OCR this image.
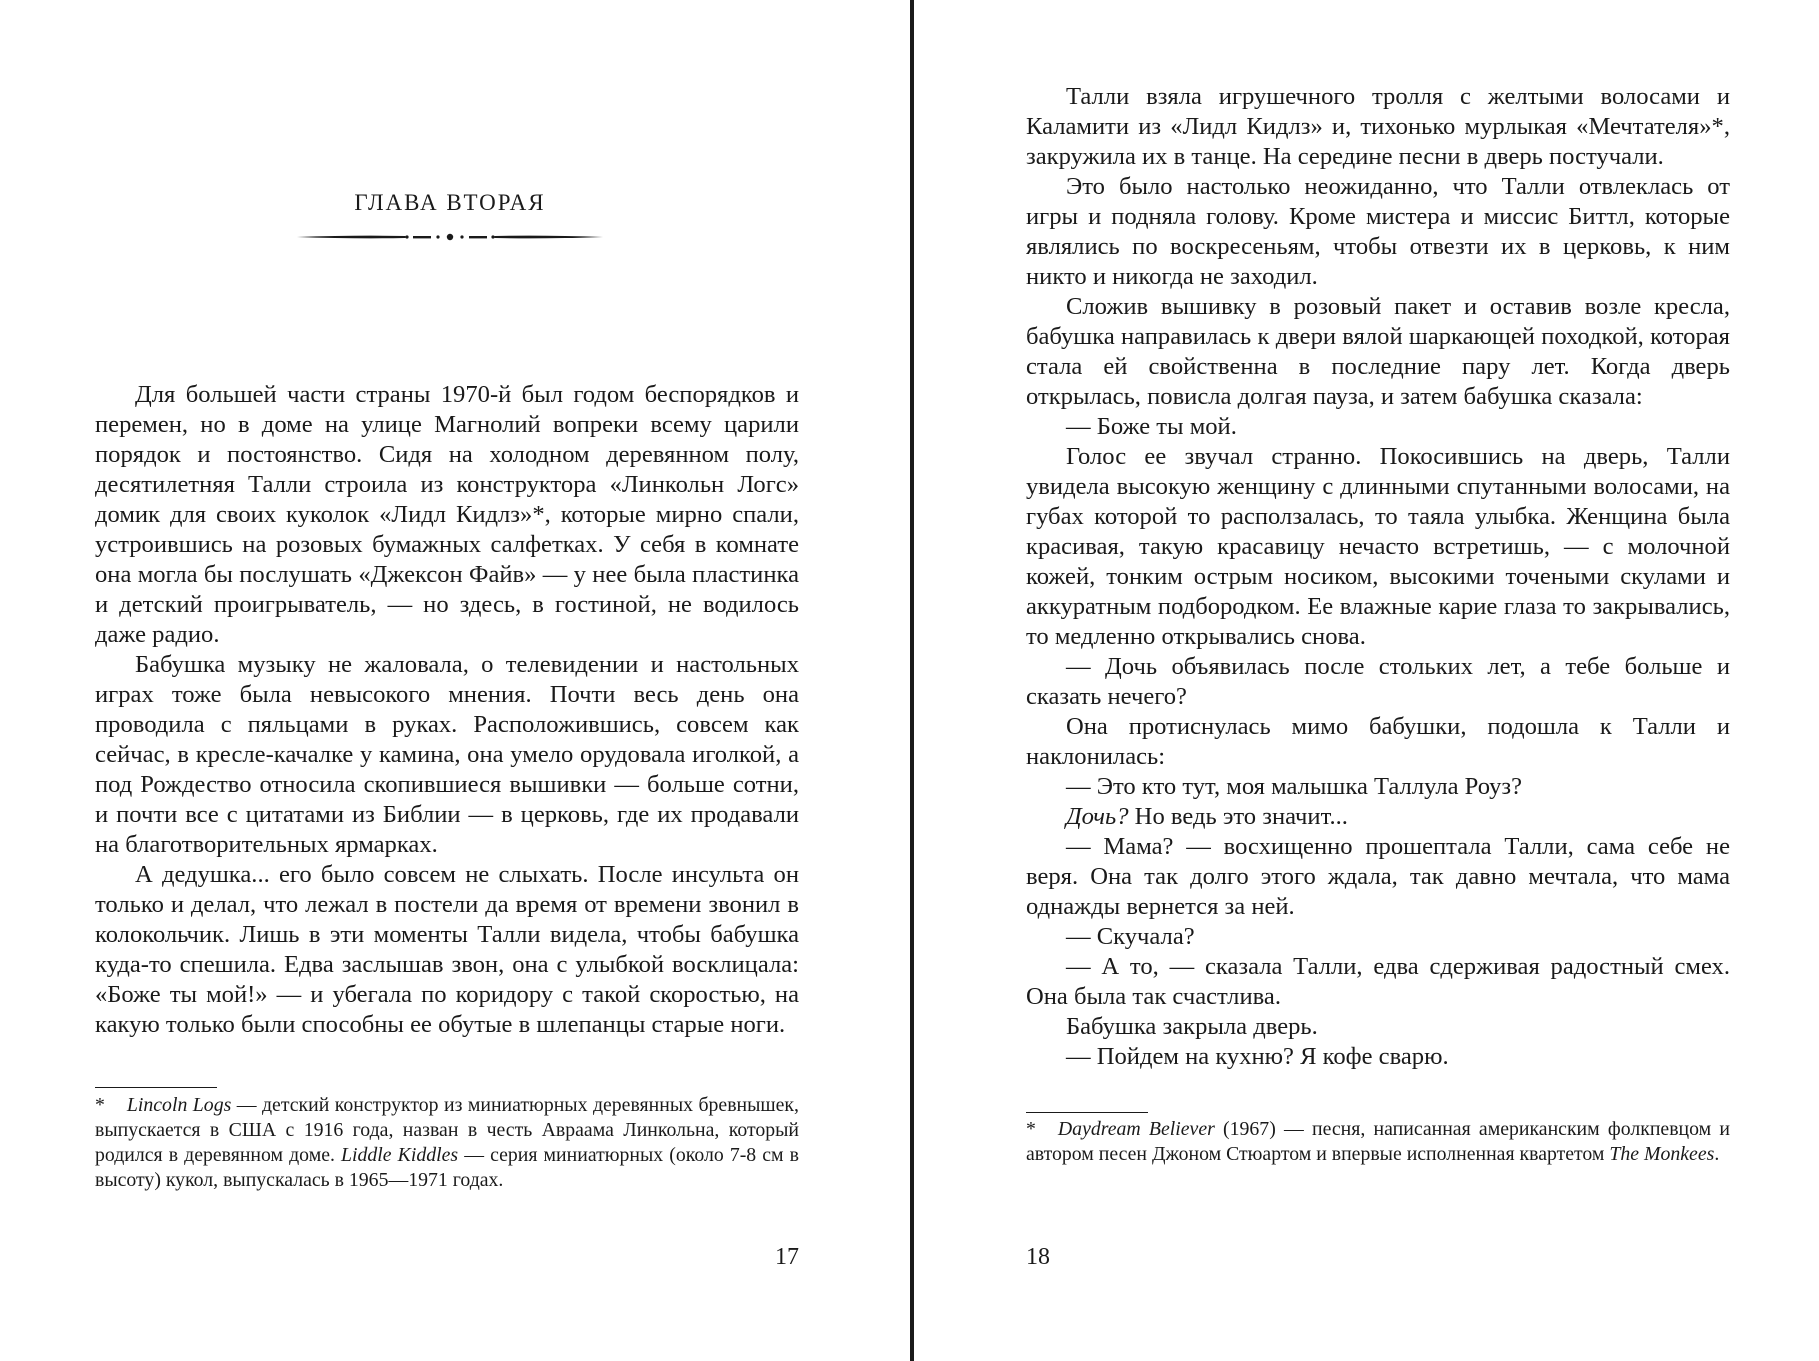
ГЛАВА ВТОРАЯ

Для большей части страны 1970-й был годом беспорядков и перемен, но в доме на улице Магнолий вопреки всему царили порядок и постоянство. Сидя на холодном деревянном полу, десятилетняя Талли строила из конструктора «Линкольн Логс» домик для своих куколок «Лидл Кидлз»*, которые мирно спали, устроившись на розовых бумажных салфетках. У себя в комнате она могла бы послушать «Джексон Файв» — у нее была пластинка и детский проигрыватель, — но здесь, в гостиной, не водилось даже радио.

Бабушка музыку не жаловала, о телевидении и настольных играх тоже была невысокого мнения. Почти весь день она проводила с пяльцами в руках. Расположившись, совсем как сейчас, в кресле-качалке у камина, она умело орудовала иголкой, а под Рождество относила скопившиеся вышивки — больше сотни, и почти все с цитатами из Библии — в церковь, где их продавали на благотворительных ярмарках.

А дедушка... его было совсем не слыхать. После инсульта он только и делал, что лежал в постели да время от времени звонил в колокольчик. Лишь в эти моменты Талли видела, чтобы бабушка куда-то спешила. Едва заслышав звон, она с улыбкой восклицала: «Боже ты мой!» — и убегала по коридору с такой скоростью, на какую только были способны ее обутые в шлепанцы старые ноги.

* Lincoln Logs — детский конструктор из миниатюрных деревянных бревнышек, выпускается в США с 1916 года, назван в честь Авраама Линкольна, который родился в деревянном доме. Liddle Kiddles — серия миниатюрных (около 7-8 см в высоту) кукол, выпускалась в 1965—1971 годах.
17

Талли взяла игрушечного тролля с желтыми волосами и Каламити из «Лидл Кидлз» и, тихонько мурлыкая «Мечтателя»*, закружила их в танце. На середине песни в дверь постучали.

Это было настолько неожиданно, что Талли отвлеклась от игры и подняла голову. Кроме мистера и миссис Биттл, которые являлись по воскресеньям, чтобы отвезти их в церковь, к ним никто и никогда не заходил.

Сложив вышивку в розовый пакет и оставив возле кресла, бабушка направилась к двери вялой шаркающей походкой, которая стала ей свойственна в последние пару лет. Когда дверь открылась, повисла долгая пауза, и затем бабушка сказала:

— Боже ты мой.

Голос ее звучал странно. Покосившись на дверь, Талли увидела высокую женщину с длинными спутанными волосами, на губах которой то расползалась, то таяла улыбка. Женщина была красивая, такую красавицу нечасто встретишь, — с молочной кожей, тонким острым носиком, высокими точеными скулами и аккуратным подбородком. Ее влажные карие глаза то закрывались, то медленно открывались снова.

— Дочь объявилась после стольких лет, а тебе больше и сказать нечего?

Она протиснулась мимо бабушки, подошла к Талли и наклонилась:

— Это кто тут, моя малышка Таллула Роуз?

Дочь? Но ведь это значит...

— Мама? — восхищенно прошептала Талли, сама себе не веря. Она так долго этого ждала, так давно мечтала, что мама однажды вернется за ней.

— Скучала?

— А то, — сказала Талли, едва сдерживая радостный смех. Она была так счастлива.

Бабушка закрыла дверь.

— Пойдем на кухню? Я кофе сварю.

* Daydream Believer (1967) — песня, написанная американским фолкпевцом и автором песен Джоном Стюартом и впервые исполненная квартетом The Monkees.
18
